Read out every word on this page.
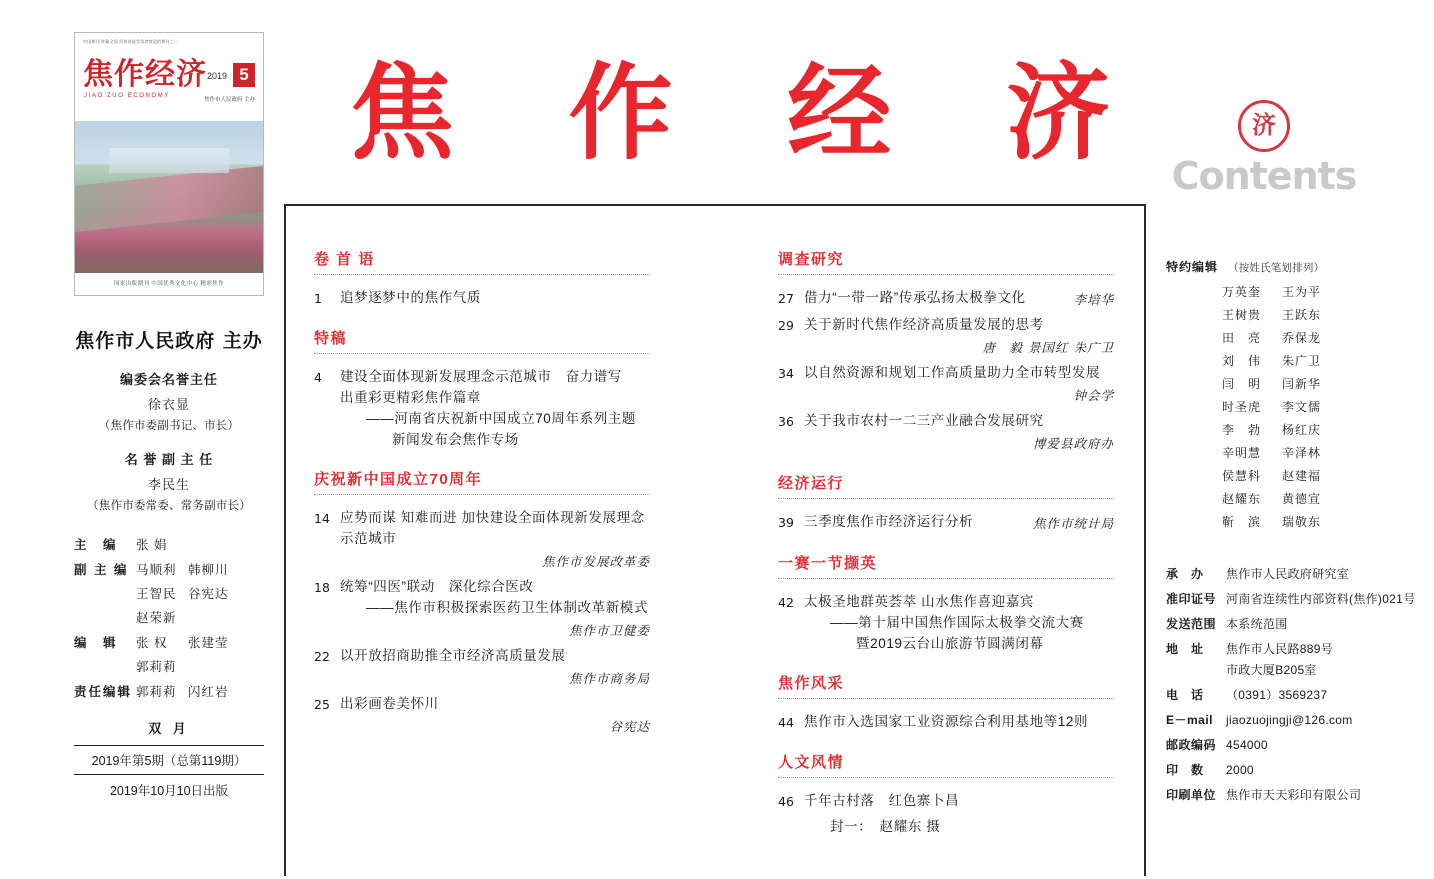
中国期刊 库藏全国 河南省最受读者欢迎的期刊之一
焦作经济
JIAO ZUO ECONOMY
2019 5
焦作市人民政府 主办
国家出版期刊 中国优秀文化中心 精彩焦作
焦作市人民政府 主办
编委会名誉主任
徐衣显
（焦作市委副书记、市长）
名 誉 副 主 任
李民生
（焦作市委常委、常务副市长）
主　编	张 娟
副 主 编 马顺利 韩柳川
王智民 谷宪达
赵荣新
编　辑	张 权 张建莹
郭莉莉
责任编辑 郭莉莉 闪红岩
双 月
2019年第5期（总第119期）
2019年10月10日出版
焦 作 经 济	济
Contents
卷 首 语
1	追梦逐梦中的焦作气质
特稿
4	建设全面体现新发展理念示范城市　奋力谱写
出重彩更精彩焦作篇章
——河南省庆祝新中国成立70周年系列主题
新闻发布会焦作专场
庆祝新中国成立70周年
14 应势而谋 知难而进 加快建设全面体现新发展理念
示范城市
焦作市发展改革委
18 统筹“四医”联动　深化综合医改
——焦作市积极探索医药卫生体制改革新模式
焦作市卫健委
22 以开放招商助推全市经济高质量发展
焦作市商务局
25 出彩画卷美怀川
谷宪达
调查研究
27 借力“一带一路”传承弘扬太极拳文化	李培华
29 关于新时代焦作经济高质量发展的思考
唐　毅 景国红 朱广卫
34 以自然资源和规划工作高质量助力全市转型发展
钟会学
36 关于我市农村一二三产业融合发展研究
博爱县政府办
经济运行
39 三季度焦作市经济运行分析	焦作市统计局
一赛一节撷英
42 太极圣地群英荟萃 山水焦作喜迎嘉宾
——第十届中国焦作国际太极拳交流大赛
暨2019云台山旅游节圆满闭幕
焦作风采
44 焦作市入选国家工业资源综合利用基地等12则
人文风情
46 千年古村落　红色寨卜昌
封一：　赵耀东 摄
特约编辑 （按姓氏笔划排列）
万英奎	王为平
王树贵	王跃东
田　亮	乔保龙
刘　伟	朱广卫
闫　明	闫新华
时圣虎	李文儒
李　勃	杨红庆
辛明慧	辛泽林
侯慧科	赵建福
赵耀东	黄德宣
靳　滨	瑞敬东
承　办	焦作市人民政府研究室
准印证号 河南省连续性内部资料(焦作)021号
发送范围 本系统范围
地　址	焦作市人民路889号
市政大厦B205室
电　话	（0391）3569237
E－mail	jiaozuojingji@126.com
邮政编码 454000
印　数	2000
印刷单位 焦作市天天彩印有限公司
